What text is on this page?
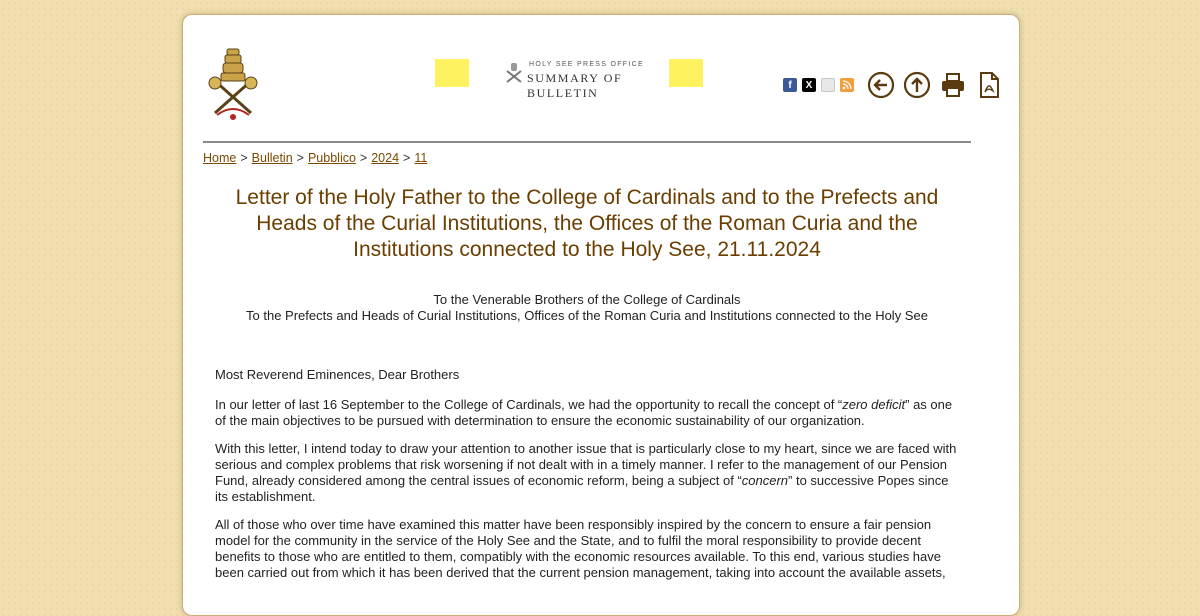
HOLY SEE PRESS OFFICE
SUMMARY OF BULLETIN
f	X
Home > Bulletin > Pubblico > 2024 > 11
Letter of the Holy Father to the College of Cardinals and to the Prefects and Heads of the Curial Institutions, the Offices of the Roman Curia and the Institutions connected to the Holy See, 21.11.2024
To the Venerable Brothers of the College of Cardinals
To the Prefects and Heads of Curial Institutions, Offices of the Roman Curia and Institutions connected to the Holy See

Most Reverend Eminences, Dear Brothers

In our letter of last 16 September to the College of Cardinals, we had the opportunity to recall the concept of “zero deficit” as one of the main objectives to be pursued with determination to ensure the economic sustainability of our organization.

With this letter, I intend today to draw your attention to another issue that is particularly close to my heart, since we are faced with serious and complex problems that risk worsening if not dealt with in a timely manner. I refer to the management of our Pension Fund, already considered among the central issues of economic reform, being a subject of “concern” to successive Popes since its establishment.

All of those who over time have examined this matter have been responsibly inspired by the concern to ensure a fair pension model for the community in the service of the Holy See and the State, and to fulfil the moral responsibility to provide decent benefits to those who are entitled to them, compatibly with the economic resources available. To this end, various studies have been carried out from which it has been derived that the current pension management, taking into account the available assets,
